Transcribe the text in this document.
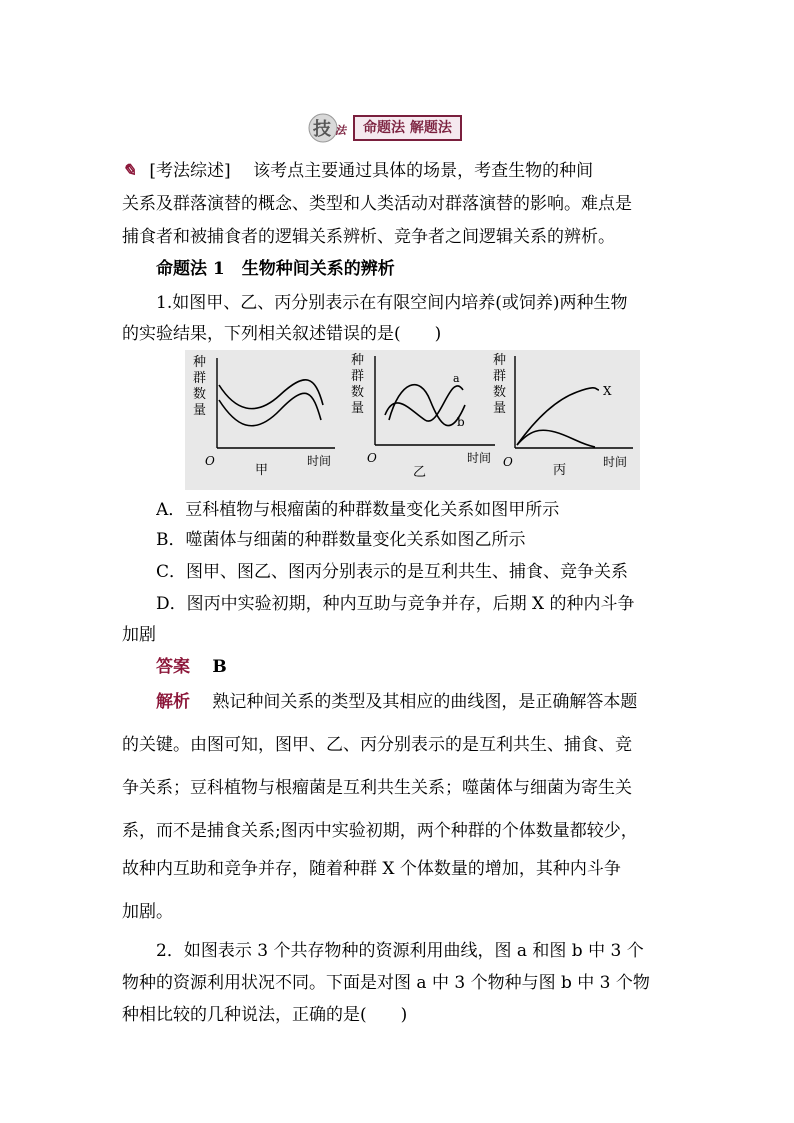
技 法	命题法 解题法
✎ [考法综述]　 该考点主要通过具体的场景，考查生物的种间
关系及群落演替的概念、类型和人类活动对群落演替的影响。难点是
捕食者和被捕食者的逻辑关系辨析、竞争者之间逻辑关系的辨析。
命题法 1　生物种间关系的辨析
1.如图甲、乙、丙分别表示在有限空间内培养(或饲养)两种生物
的实验结果，下列相关叙述错误的是(　　)
种
群
数
量
O
甲
时间
种
群
数
量
O
乙
时间
a
b
种
群
数
量
O
丙
时间
X
A．豆科植物与根瘤菌的种群数量变化关系如图甲所示
B．噬菌体与细菌的种群数量变化关系如图乙所示
C．图甲、图乙、图丙分别表示的是互利共生、捕食、竞争关系
D．图丙中实验初期，种内互助与竞争并存，后期 X 的种内斗争
加剧
答案　 B
解析　 熟记种间关系的类型及其相应的曲线图，是正确解答本题
的关键。由图可知，图甲、乙、丙分别表示的是互利共生、捕食、竞
争关系；豆科植物与根瘤菌是互利共生关系；噬菌体与细菌为寄生关
系，而不是捕食关系;图丙中实验初期，两个种群的个体数量都较少，
故种内互助和竞争并存，随着种群 X 个体数量的增加，其种内斗争
加剧。
2．如图表示 3 个共存物种的资源利用曲线，图 a 和图 b 中 3 个
物种的资源利用状况不同。下面是对图 a 中 3 个物种与图 b 中 3 个物
种相比较的几种说法，正确的是(　　)
